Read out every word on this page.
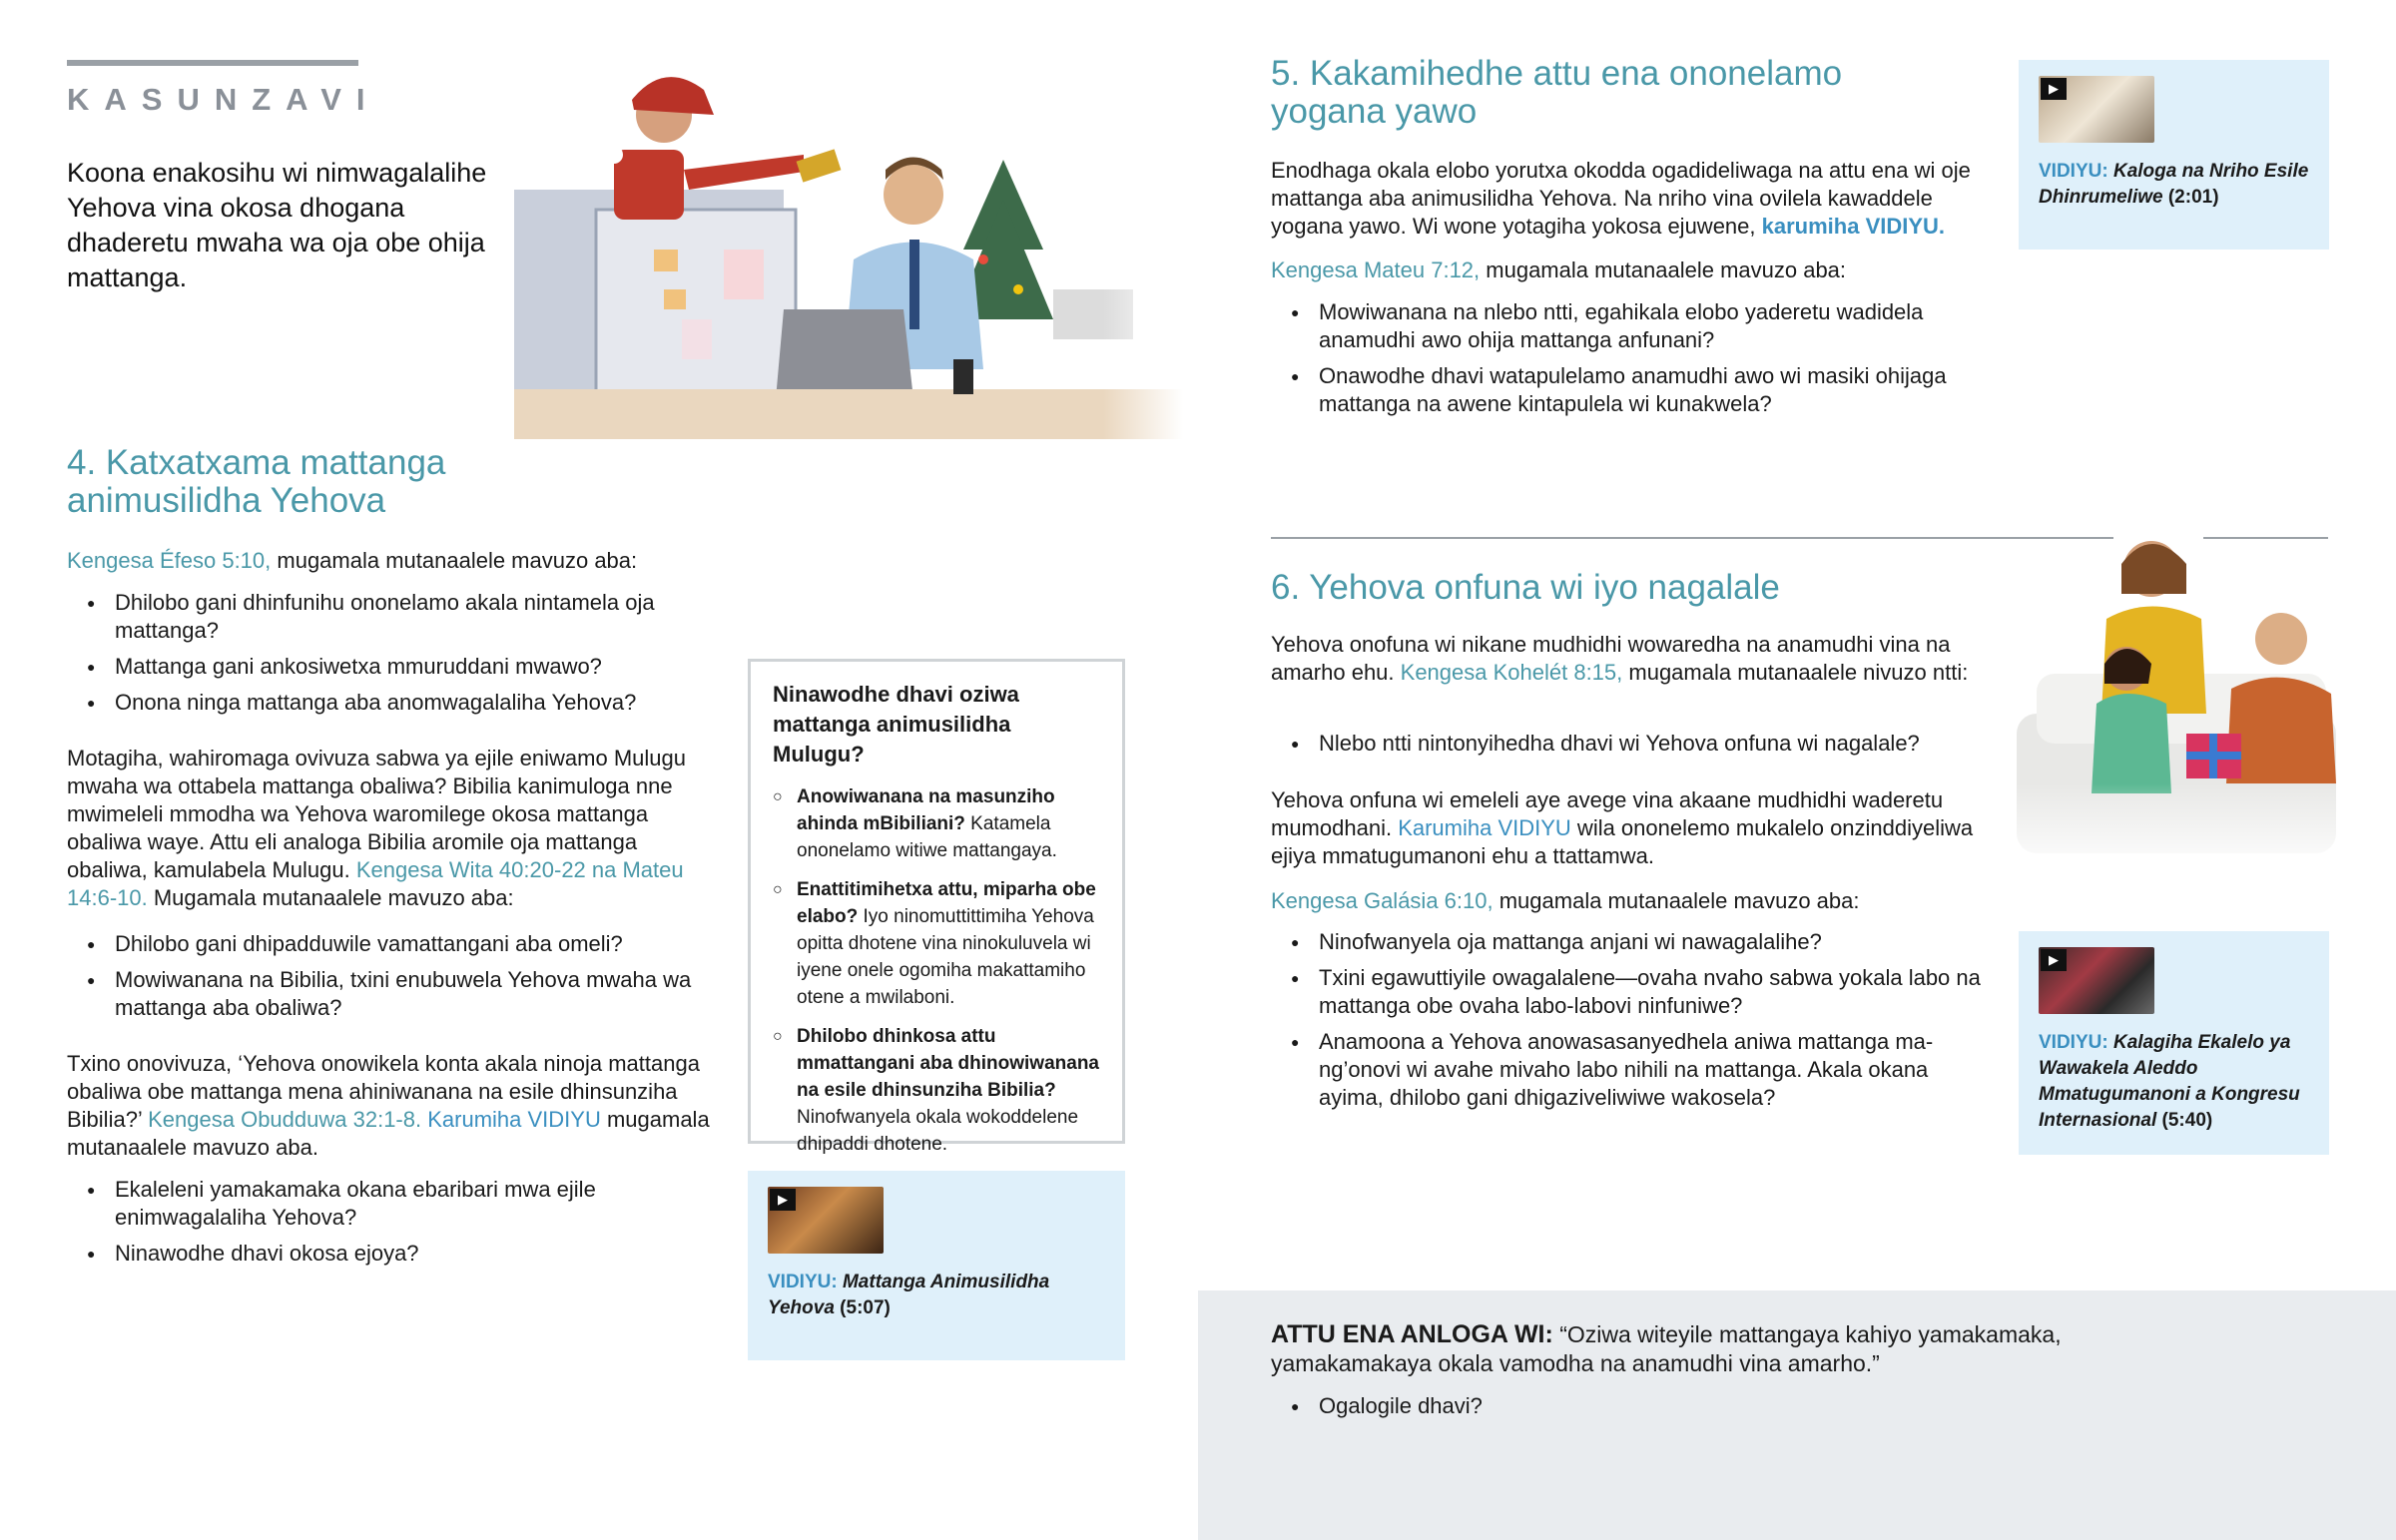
KASUNZAVI
Koona enakosihu wi nimwagalalihe Yehova vina okosa dhogana dhaderetu mwaha wa oja obe ohija mattanga.
4. Katxatxama mattanga
animusilidha Yehova
Kengesa Éfeso 5:10, mugamala mutanaalele mavuzo aba:
● Dhilobo gani dhinfunihu ononelamo akala nintamela oja mattanga?
● Mattanga gani ankosiwetxa mmuruddani mwawo?
● Onona ninga mattanga aba anomwagalaliha Yehova?
Motagiha, wahiromaga ovivuza sabwa ya ejile eniwamo Mulugu mwaha wa ottabela mattanga obaliwa? Bibilia kanimuloga nne mwimeleli mmodha wa Yehova waromilege okosa mattanga obaliwa waye. Attu eli analoga Bibilia aromile oja mattanga obaliwa, kamulabela Mulugu. Kengesa Wita 40:20-22 na Mateu 14:6-10. Mugamala mutanaalele mavuzo aba:
● Dhilobo gani dhipadduwile vamattangani aba omeli?
● Mowiwanana na Bibilia, txini enubuwela Yehova mwaha wa mattanga aba obaliwa?
Txino onovivuza, ‘Yehova onowikela konta akala ninoja mattanga obaliwa obe mattanga mena ahiniwanana na esile dhinsunziha Bibilia?’ Kengesa Obudduwa 32:1-8. Karumiha VIDIYU mugamala mutanaalele mavuzo aba.
● Ekaleleni yamakamaka okana ebaribari mwa ejile enimwagalaliha Yehova?
● Ninawodhe dhavi okosa ejoya?
Ninawodhe dhavi oziwa mattanga animusilidha Mulugu?
○ Anowiwanana na masunziho ahinda mBibiliani? Katamela ononelamo witiwe mattangaya.
○ Enattitimihetxa attu, miparha obe elabo? Iyo ninomuttittimiha Yehova opitta dhotene vina ninokuluvela wi iyene onele ogomiha makattamiho otene a mwilaboni.
○ Dhilobo dhinkosa attu mmattangani aba dhinowiwanana na esile dhinsunziha Bibilia? Ninofwanyela okala wokoddelene dhipaddi dhotene.
▶
VIDIYU: Mattanga Animusilidha Yehova (5:07)
5. Kakamihedhe attu ena ononelamo
yogana yawo
Enodhaga okala elobo yorutxa okodda ogadideliwaga na attu ena wi oje mattanga aba animusilidha Yehova. Na nriho vina ovilela kawaddele yogana yawo. Wi wone yotagiha yokosa ejuwene, karumiha VIDIYU.
Kengesa Mateu 7:12, mugamala mutanaalele mavuzo aba:
● Mowiwanana na nlebo ntti, egahikala elobo yaderetu wadidela anamudhi awo ohija mattanga anfunani?
● Onawodhe dhavi watapulelamo anamudhi awo wi masiki ohijaga mattanga na awene kintapulela wi kunakwela?
▶
VIDIYU: Kaloga na Nriho Esile Dhinrumeliwe (2:01)
6. Yehova onfuna wi iyo nagalale
Yehova onofuna wi nikane mudhidhi wowaredha na anamudhi vina na amarho ehu. Kengesa Kohelét 8:15, mugamala mutanaalele nivuzo ntti:
● Nlebo ntti nintonyihedha dhavi wi Yehova onfuna wi nagalale?
Yehova onfuna wi emeleli aye avege vina akaane mudhidhi waderetu mumodhani. Karumiha VIDIYU wila ononelemo mukalelo onzinddiyeliwa ejiya mmatugumanoni ehu a ttattamwa.
Kengesa Galásia 6:10, mugamala mutanaalele mavuzo aba:
● Ninofwanyela oja mattanga anjani wi nawagalalihe?
● Txini egawuttiyile owagalalene—ovaha nvaho sabwa yokala labo na mattanga obe ovaha labo-labovi ninfuniwe?
● Anamoona a Yehova anowasasanyedhela aniwa mattanga ma-ng’onovi wi avahe mivaho labo nihili na mattanga. Akala okana ayima, dhilobo gani dhigaziveliwiwe wakosela?
▶
VIDIYU: Kalagiha Ekalelo ya Wawakela Aleddo Mmatugumanoni a Kongresu Internasional (5:40)
ATTU ENA ANLOGA WI: “Oziwa witeyile mattangaya kahiyo yamakamaka, yamakamakaya okala vamodha na anamudhi vina amarho.”
● Ogalogile dhavi?
